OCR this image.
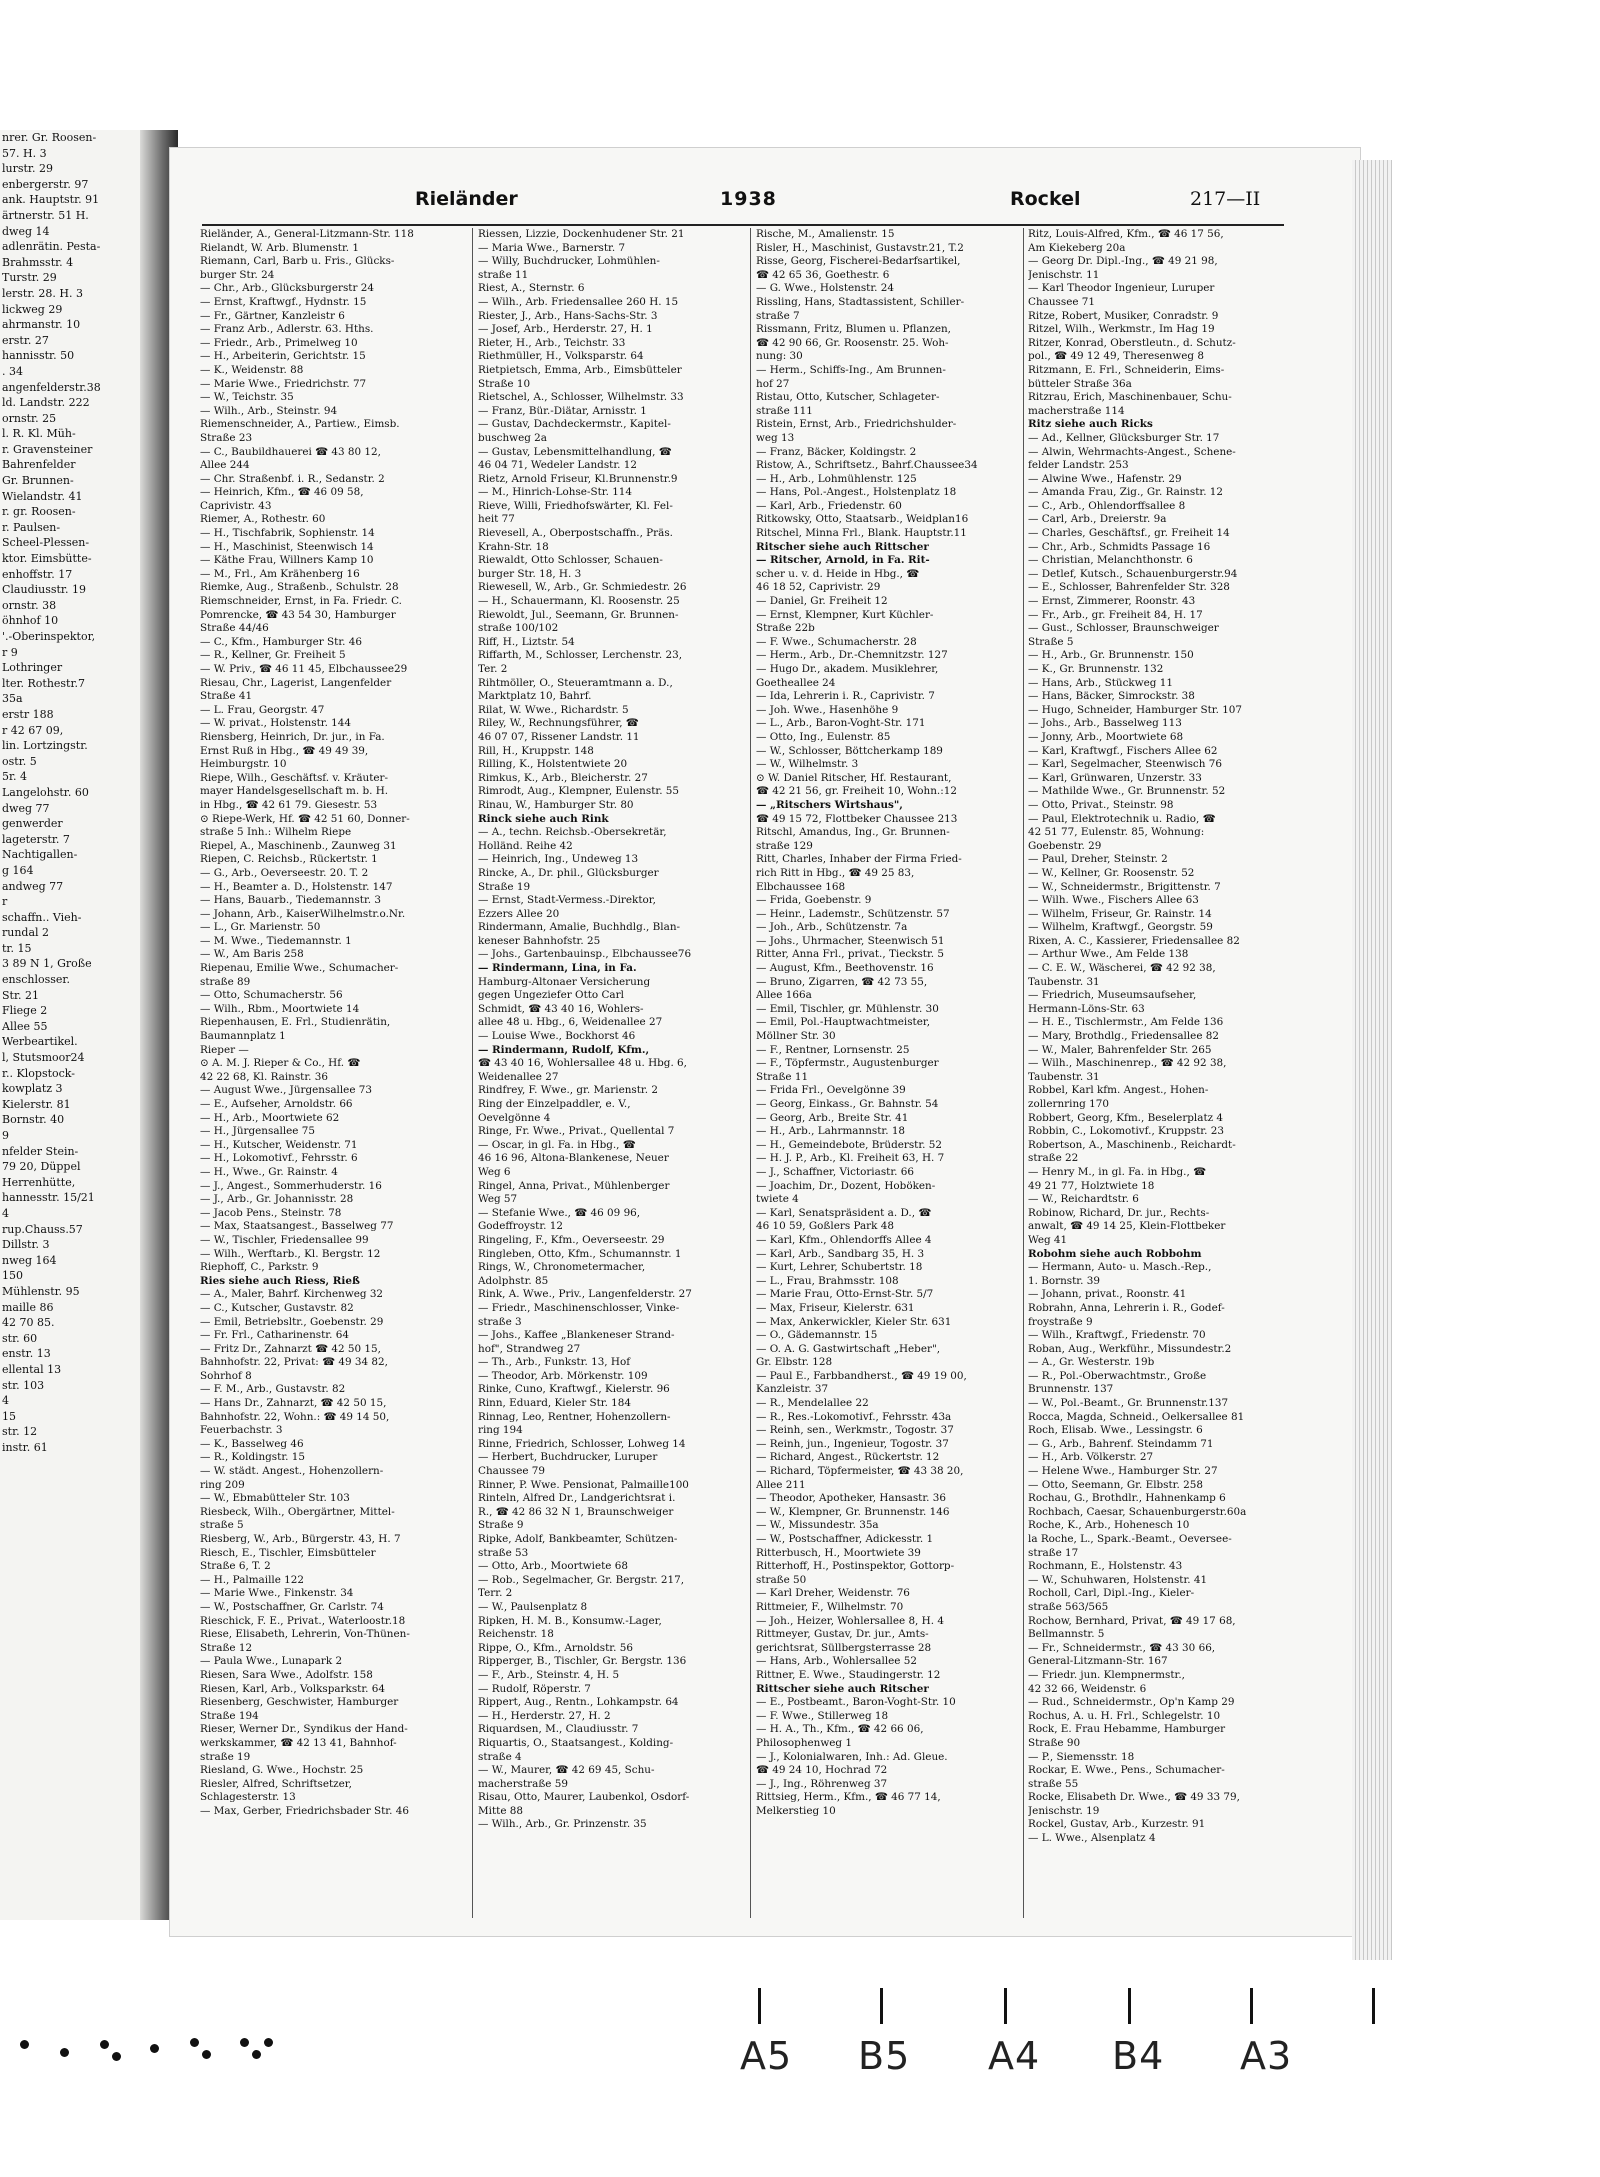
nrer. Gr. Roosen-
57. H. 3
lurstr. 29
enbergerstr. 97
ank. Hauptstr. 91
ärtnerstr. 51 H.
dweg 14
adlenrätin. Pesta-
Brahmsstr. 4
Turstr. 29
lerstr. 28. H. 3
lickweg 29
ahrmanstr. 10
erstr. 27
hannisstr. 50
. 34
angenfelderstr.38
ld. Landstr. 222
ornstr. 25
l. R. Kl. Müh-
r. Gravensteiner
Bahrenfelder
Gr. Brunnen-
Wielandstr. 41
r. gr. Roosen-
r. Paulsen-
Scheel-Plessen-
ktor. Eimsbütte-
enhoffstr. 17
Claudiusstr. 19
ornstr. 38
öhnhof 10
'.-Oberinspektor,
r 9
Lothringer
lter. Rothestr.7
35a
erstr 188
r 42 67 09,
lin. Lortzingstr.
ostr. 5
5r. 4
Langelohstr. 60
dweg 77
genwerder
lageterstr. 7
Nachtigallen-
g 164
andweg 77
r
schaffn.. Vieh-
rundal 2
tr. 15
3 89 N 1, Große
enschlosser.
Str. 21
Fliege 2
Allee 55
Werbeartikel.
l, Stutsmoor24
r.. Klopstock-
kowplatz 3
Kielerstr. 81
Bornstr. 40
9
nfelder Stein-
79 20, Düppel
Herrenhütte,
hannesstr. 15/21
4
rup.Chauss.57
Dillstr. 3
nweg 164
150
Mühlenstr. 95
maille 86
42 70 85.
str. 60
enstr. 13
ellental 13
str. 103
4
15
str. 12
instr. 61
Rieländer	1938	Rockel	217—II
Rieländer, A., General-Litzmann-Str. 118
Rielandt, W. Arb. Blumenstr. 1
Riemann, Carl, Barb u. Fris., Glücks-
burger Str. 24
— Chr., Arb., Glücksburgerstr 24
— Ernst, Kraftwgf., Hydnstr. 15
— Fr., Gärtner, Kanzleistr 6
— Franz Arb., Adlerstr. 63. Hths.
— Friedr., Arb., Primelweg 10
— H., Arbeiterin, Gerichtstr. 15
— K., Weidenstr. 88
— Marie Wwe., Friedrichstr. 77
— W., Teichstr. 35
— Wilh., Arb., Steinstr. 94
Riemenschneider, A., Partiew., Eimsb.
Straße 23
— C., Baubildhauerei ☎ 43 80 12,
Allee 244
— Chr. Straßenbf. i. R., Sedanstr. 2
— Heinrich, Kfm., ☎ 46 09 58,
Caprivistr. 43
Riemer, A., Rothestr. 60
— H., Tischfabrik, Sophienstr. 14
— H., Maschinist, Steenwisch 14
— Käthe Frau, Willners Kamp 10
— M., Frl., Am Krähenberg 16
Riemke, Aug., Straßenb., Schulstr. 28
Riemschneider, Ernst, in Fa. Friedr. C.
Pomrencke, ☎ 43 54 30, Hamburger
Straße 44/46
— C., Kfm., Hamburger Str. 46
— R., Kellner, Gr. Freiheit 5
— W. Priv., ☎ 46 11 45, Elbchaussee29
Riesau, Chr., Lagerist, Langenfelder
Straße 41
— L. Frau, Georgstr. 47
— W. privat., Holstenstr. 144
Riensberg, Heinrich, Dr. jur., in Fa.
Ernst Ruß in Hbg., ☎ 49 49 39,
Heimburgstr. 10
Riepe, Wilh., Geschäftsf. v. Kräuter-
mayer Handelsgesellschaft m. b. H.
in Hbg., ☎ 42 61 79. Giesestr. 53
⊙ Riepe-Werk, Hf. ☎ 42 51 60, Donner-
straße 5 Inh.: Wilhelm Riepe
Riepel, A., Maschinenb., Zaunweg 31
Riepen, C. Reichsb., Rückertstr. 1
— G., Arb., Oeverseestr. 20. T. 2
— H., Beamter a. D., Holstenstr. 147
— Hans, Bauarb., Tiedemannstr. 3
— Johann, Arb., KaiserWilhelmstr.o.Nr.
— L., Gr. Marienstr. 50
— M. Wwe., Tiedemannstr. 1
— W., Am Baris 258
Riepenau, Emilie Wwe., Schumacher-
straße 89
— Otto, Schumacherstr. 56
— Wilh., Rbm., Moortwiete 14
Riepenhausen, E. Frl., Studienrätin,
Baumannplatz 1
Rieper —
⊙ A. M. J. Rieper & Co., Hf. ☎
42 22 68, Kl. Rainstr. 36
— August Wwe., Jürgensallee 73
— E., Aufseher, Arnoldstr. 66
— H., Arb., Moortwiete 62
— H., Jürgensallee 75
— H., Kutscher, Weidenstr. 71
— H., Lokomotivf., Fehrsstr. 6
— H., Wwe., Gr. Rainstr. 4
— J., Angest., Sommerhuderstr. 16
— J., Arb., Gr. Johannisstr. 28
— Jacob Pens., Steinstr. 78
— Max, Staatsangest., Basselweg 77
— W., Tischler, Friedensallee 99
— Wilh., Werftarb., Kl. Bergstr. 12
Riephoff, C., Parkstr. 9
Ries siehe auch Riess, Rieß
— A., Maler, Bahrf. Kirchenweg 32
— C., Kutscher, Gustavstr. 82
— Emil, Betriebsltr., Goebenstr. 29
— Fr. Frl., Catharinenstr. 64
— Fritz Dr., Zahnarzt ☎ 42 50 15,
Bahnhofstr. 22, Privat: ☎ 49 34 82,
Sohrhof 8
— F. M., Arb., Gustavstr. 82
— Hans Dr., Zahnarzt, ☎ 42 50 15,
Bahnhofstr. 22, Wohn.: ☎ 49 14 50,
Feuerbachstr. 3
— K., Basselweg 46
— R., Koldingstr. 15
— W. städt. Angest., Hohenzollern-
ring 209
— W., Ebmabütteler Str. 103
Riesbeck, Wilh., Obergärtner, Mittel-
straße 5
Riesberg, W., Arb., Bürgerstr. 43, H. 7
Riesch, E., Tischler, Eimsbütteler
Straße 6, T. 2
— H., Palmaille 122
— Marie Wwe., Finkenstr. 34
— W., Postschaffner, Gr. Carlstr. 74
Rieschick, F. E., Privat., Waterloostr.18
Riese, Elisabeth, Lehrerin, Von-Thünen-
Straße 12
— Paula Wwe., Lunapark 2
Riesen, Sara Wwe., Adolfstr. 158
Riesen, Karl, Arb., Volksparkstr. 64
Riesenberg, Geschwister, Hamburger
Straße 194
Rieser, Werner Dr., Syndikus der Hand-
werkskammer, ☎ 42 13 41, Bahnhof-
straße 19
Riesland, G. Wwe., Hochstr. 25
Riesler, Alfred, Schriftsetzer,
Schlagesterstr. 13
— Max, Gerber, Friedrichsbader Str. 46
Riessen, Lizzie, Dockenhudener Str. 21
— Maria Wwe., Barnerstr. 7
— Willy, Buchdrucker, Lohmühlen-
straße 11
Riest, A., Sternstr. 6
— Wilh., Arb. Friedensallee 260 H. 15
Riester, J., Arb., Hans-Sachs-Str. 3
— Josef, Arb., Herderstr. 27, H. 1
Rieter, H., Arb., Teichstr. 33
Riethmüller, H., Volksparstr. 64
Rietpietsch, Emma, Arb., Eimsbütteler
Straße 10
Rietschel, A., Schlosser, Wilhelmstr. 33
— Franz, Bür.-Diätar, Arnisstr. 1
— Gustav, Dachdeckermstr., Kapitel-
buschweg 2a
— Gustav, Lebensmittelhandlung, ☎
46 04 71, Wedeler Landstr. 12
Rietz, Arnold Friseur, Kl.Brunnenstr.9
— M., Hinrich-Lohse-Str. 114
Rieve, Willi, Friedhofswärter, Kl. Fel-
heit 77
Rievesell, A., Oberpostschaffn., Präs.
Krahn-Str. 18
Riewaldt, Otto Schlosser, Schauen-
burger Str. 18, H. 3
Riewesell, W., Arb., Gr. Schmiedestr. 26
— H., Schauermann, Kl. Roosenstr. 25
Riewoldt, Jul., Seemann, Gr. Brunnen-
straße 100/102
Riff, H., Liztstr. 54
Riffarth, M., Schlosser, Lerchenstr. 23,
Ter. 2
Rihtmöller, O., Steueramtmann a. D.,
Marktplatz 10, Bahrf.
Rilat, W. Wwe., Richardstr. 5
Riley, W., Rechnungsführer, ☎
46 07 07, Rissener Landstr. 11
Rill, H., Kruppstr. 148
Rilling, K., Holstentwiete 20
Rimkus, K., Arb., Bleicherstr. 27
Rimrodt, Aug., Klempner, Eulenstr. 55
Rinau, W., Hamburger Str. 80
Rinck siehe auch Rink
— A., techn. Reichsb.-Obersekretär,
Holländ. Reihe 42
— Heinrich, Ing., Undeweg 13
Rincke, A., Dr. phil., Glücksburger
Straße 19
— Ernst, Stadt-Vermess.-Direktor,
Ezzers Allee 20
Rindermann, Amalie, Buchhdlg., Blan-
keneser Bahnhofstr. 25
— Johs., Gartenbauinsp., Elbchaussee76
— Rindermann, Lina, in Fa.
Hamburg-Altonaer Versicherung
gegen Ungeziefer Otto Carl
Schmidt, ☎ 43 40 16, Wohlers-
allee 48 u. Hbg., 6, Weidenallee 27
— Louise Wwe., Bockhorst 46
— Rindermann, Rudolf, Kfm.,
☎ 43 40 16, Wohlersallee 48 u. Hbg. 6,
Weidenallee 27
Rindfrey, F. Wwe., gr. Marienstr. 2
Ring der Einzelpaddler, e. V.,
Oevelgönne 4
Ringe, Fr. Wwe., Privat., Quellental 7
— Oscar, in gl. Fa. in Hbg., ☎
46 16 96, Altona-Blankenese, Neuer
Weg 6
Ringel, Anna, Privat., Mühlenberger
Weg 57
— Stefanie Wwe., ☎ 46 09 96,
Godeffroystr. 12
Ringeling, F., Kfm., Oeverseestr. 29
Ringleben, Otto, Kfm., Schumannstr. 1
Rings, W., Chronometermacher,
Adolphstr. 85
Rink, A. Wwe., Priv., Langenfelderstr. 27
— Friedr., Maschinenschlosser, Vinke-
straße 3
— Johs., Kaffee „Blankeneser Strand-
hof", Strandweg 27
— Th., Arb., Funkstr. 13, Hof
— Theodor, Arb. Mörkenstr. 109
Rinke, Cuno, Kraftwgf., Kielerstr. 96
Rinn, Eduard, Kieler Str. 184
Rinnag, Leo, Rentner, Hohenzollern-
ring 194
Rinne, Friedrich, Schlosser, Lohweg 14
— Herbert, Buchdrucker, Luruper
Chaussee 79
Rinner, P. Wwe. Pensionat, Palmaille100
Rinteln, Alfred Dr., Landgerichtsrat i.
R., ☎ 42 86 32 N 1, Braunschweiger
Straße 9
Ripke, Adolf, Bankbeamter, Schützen-
straße 53
— Otto, Arb., Moortwiete 68
— Rob., Segelmacher, Gr. Bergstr. 217,
Terr. 2
— W., Paulsenplatz 8
Ripken, H. M. B., Konsumw.-Lager,
Reichenstr. 18
Rippe, O., Kfm., Arnoldstr. 56
Ripperger, B., Tischler, Gr. Bergstr. 136
— F., Arb., Steinstr. 4, H. 5
— Rudolf, Röperstr. 7
Rippert, Aug., Rentn., Lohkampstr. 64
— H., Herderstr. 27, H. 2
Riquardsen, M., Claudiusstr. 7
Riquartis, O., Staatsangest., Kolding-
straße 4
— W., Maurer, ☎ 42 69 45, Schu-
macherstraße 59
Risau, Otto, Maurer, Laubenkol, Osdorf-
Mitte 88
— Wilh., Arb., Gr. Prinzenstr. 35
Rische, M., Amalienstr. 15
Risler, H., Maschinist, Gustavstr.21, T.2
Risse, Georg, Fischerei-Bedarfsartikel,
☎ 42 65 36, Goethestr. 6
— G. Wwe., Holstenstr. 24
Rissling, Hans, Stadtassistent, Schiller-
straße 7
Rissmann, Fritz, Blumen u. Pflanzen,
☎ 42 90 66, Gr. Roosenstr. 25. Woh-
nung: 30
— Herm., Schiffs-Ing., Am Brunnen-
hof 27
Ristau, Otto, Kutscher, Schlageter-
straße 111
Ristein, Ernst, Arb., Friedrichshulder-
weg 13
— Franz, Bäcker, Koldingstr. 2
Ristow, A., Schriftsetz., Bahrf.Chaussee34
— H., Arb., Lohmühlenstr. 125
— Hans, Pol.-Angest., Holstenplatz 18
— Karl, Arb., Friedenstr. 60
Ritkowsky, Otto, Staatsarb., Weidplan16
Ritschel, Minna Frl., Blank. Hauptstr.11
Ritscher siehe auch Rittscher
— Ritscher, Arnold, in Fa. Rit-
scher u. v. d. Heide in Hbg., ☎
46 18 52, Caprivistr. 29
— Daniel, Gr. Freiheit 12
— Ernst, Klempner, Kurt Küchler-
Straße 22b
— F. Wwe., Schumacherstr. 28
— Herm., Arb., Dr.-Chemnitzstr. 127
— Hugo Dr., akadem. Musiklehrer,
Goetheallee 24
— Ida, Lehrerin i. R., Caprivistr. 7
— Joh. Wwe., Hasenhöhe 9
— L., Arb., Baron-Voght-Str. 171
— Otto, Ing., Eulenstr. 85
— W., Schlosser, Böttcherkamp 189
— W., Wilhelmstr. 3
⊙ W. Daniel Ritscher, Hf. Restaurant,
☎ 42 21 56, gr. Freiheit 10, Wohn.:12
— „Ritschers Wirtshaus",
☎ 49 15 72, Flottbeker Chaussee 213
Ritschl, Amandus, Ing., Gr. Brunnen-
straße 129
Ritt, Charles, Inhaber der Firma Fried-
rich Ritt in Hbg., ☎ 49 25 83,
Elbchaussee 168
— Frida, Goebenstr. 9
— Heinr., Lademstr., Schützenstr. 57
— Joh., Arb., Schützenstr. 7a
— Johs., Uhrmacher, Steenwisch 51
Ritter, Anna Frl., privat., Tieckstr. 5
— August, Kfm., Beethovenstr. 16
— Bruno, Zigarren, ☎ 42 73 55,
Allee 166a
— Emil, Tischler, gr. Mühlenstr. 30
— Emil, Pol.-Hauptwachtmeister,
Möllner Str. 30
— F., Rentner, Lornsenstr. 25
— F., Töpfermstr., Augustenburger
Straße 11
— Frida Frl., Oevelgönne 39
— Georg, Einkass., Gr. Bahnstr. 54
— Georg, Arb., Breite Str. 41
— H., Arb., Lahrmannstr. 18
— H., Gemeindebote, Brüderstr. 52
— H. J. P., Arb., Kl. Freiheit 63, H. 7
— J., Schaffner, Victoriastr. 66
— Joachim, Dr., Dozent, Hoböken-
twiete 4
— Karl, Senatspräsident a. D., ☎
46 10 59, Goßlers Park 48
— Karl, Kfm., Ohlendorffs Allee 4
— Karl, Arb., Sandbarg 35, H. 3
— Kurt, Lehrer, Schubertstr. 18
— L., Frau, Brahmsstr. 108
— Marie Frau, Otto-Ernst-Str. 5/7
— Max, Friseur, Kielerstr. 631
— Max, Ankerwickler, Kieler Str. 631
— O., Gädemannstr. 15
— O. A. G. Gastwirtschaft „Heber",
Gr. Elbstr. 128
— Paul E., Farbbandherst., ☎ 49 19 00,
Kanzleistr. 37
— R., Mendelallee 22
— R., Res.-Lokomotivf., Fehrsstr. 43a
— Reinh, sen., Werkmstr., Togostr. 37
— Reinh, jun., Ingenieur, Togostr. 37
— Richard, Angest., Rückertstr. 12
— Richard, Töpfermeister, ☎ 43 38 20,
Allee 211
— Theodor, Apotheker, Hansastr. 36
— W., Klempner, Gr. Brunnenstr. 146
— W., Missundestr. 35a
— W., Postschaffner, Adickesstr. 1
Ritterbusch, H., Moortwiete 39
Ritterhoff, H., Postinspektor, Gottorp-
straße 50
— Karl Dreher, Weidenstr. 76
Rittmeier, F., Wilhelmstr. 70
— Joh., Heizer, Wohlersallee 8, H. 4
Rittmeyer, Gustav, Dr. jur., Amts-
gerichtsrat, Süllbergsterrasse 28
— Hans, Arb., Wohlersallee 52
Rittner, E. Wwe., Staudingerstr. 12
Rittscher siehe auch Ritscher
— E., Postbeamt., Baron-Voght-Str. 10
— F. Wwe., Stillerweg 18
— H. A., Th., Kfm., ☎ 42 66 06,
Philosophenweg 1
— J., Kolonialwaren, Inh.: Ad. Gleue.
☎ 49 24 10, Hochrad 72
— J., Ing., Röhrenweg 37
Rittsieg, Herm., Kfm., ☎ 46 77 14,
Melkerstieg 10
Ritz, Louis-Alfred, Kfm., ☎ 46 17 56,
Am Kiekeberg 20a
— Georg Dr. Dipl.-Ing., ☎ 49 21 98,
Jenischstr. 11
— Karl Theodor Ingenieur, Luruper
Chaussee 71
Ritze, Robert, Musiker, Conradstr. 9
Ritzel, Wilh., Werkmstr., Im Hag 19
Ritzer, Konrad, Oberstleutn., d. Schutz-
pol., ☎ 49 12 49, Theresenweg 8
Ritzmann, E. Frl., Schneiderin, Eims-
bütteler Straße 36a
Ritzrau, Erich, Maschinenbauer, Schu-
macherstraße 114
Ritz siehe auch Ricks
— Ad., Kellner, Glücksburger Str. 17
— Alwin, Wehrmachts-Angest., Schene-
felder Landstr. 253
— Alwine Wwe., Hafenstr. 29
— Amanda Frau, Zig., Gr. Rainstr. 12
— C., Arb., Ohlendorffsallee 8
— Carl, Arb., Dreierstr. 9a
— Charles, Geschäftsf., gr. Freiheit 14
— Chr., Arb., Schmidts Passage 16
— Christian, Melanchthonstr. 6
— Detlef, Kutsch., Schauenburgerstr.94
— E., Schlosser, Bahrenfelder Str. 328
— Ernst, Zimmerer, Roonstr. 43
— Fr., Arb., gr. Freiheit 84, H. 17
— Gust., Schlosser, Braunschweiger
Straße 5
— H., Arb., Gr. Brunnenstr. 150
— K., Gr. Brunnenstr. 132
— Hans, Arb., Stückweg 11
— Hans, Bäcker, Simrockstr. 38
— Hugo, Schneider, Hamburger Str. 107
— Johs., Arb., Basselweg 113
— Jonny, Arb., Moortwiete 68
— Karl, Kraftwgf., Fischers Allee 62
— Karl, Segelmacher, Steenwisch 76
— Karl, Grünwaren, Unzerstr. 33
— Mathilde Wwe., Gr. Brunnenstr. 52
— Otto, Privat., Steinstr. 98
— Paul, Elektrotechnik u. Radio, ☎
42 51 77, Eulenstr. 85, Wohnung:
Goebenstr. 29
— Paul, Dreher, Steinstr. 2
— W., Kellner, Gr. Roosenstr. 52
— W., Schneidermstr., Brigittenstr. 7
— Wilh. Wwe., Fischers Allee 63
— Wilhelm, Friseur, Gr. Rainstr. 14
— Wilhelm, Kraftwgf., Georgstr. 59
Rixen, A. C., Kassierer, Friedensallee 82
— Arthur Wwe., Am Felde 138
— C. E. W., Wäscherei, ☎ 42 92 38,
Taubenstr. 31
— Friedrich, Museumsaufseher,
Hermann-Löns-Str. 63
— H. E., Tischlermstr., Am Felde 136
— Mary, Brothdlg., Friedensallee 82
— W., Maler, Bahrenfelder Str. 265
— Wilh., Maschinenrep., ☎ 42 92 38,
Taubenstr. 31
Robbel, Karl kfm. Angest., Hohen-
zollernring 170
Robbert, Georg, Kfm., Beselerplatz 4
Robbin, C., Lokomotivf., Kruppstr. 23
Robertson, A., Maschinenb., Reichardt-
straße 22
— Henry M., in gl. Fa. in Hbg., ☎
49 21 77, Holztwiete 18
— W., Reichardtstr. 6
Robinow, Richard, Dr. jur., Rechts-
anwalt, ☎ 49 14 25, Klein-Flottbeker
Weg 41
Robohm siehe auch Robbohm
— Hermann, Auto- u. Masch.-Rep.,
1. Bornstr. 39
— Johann, privat., Roonstr. 41
Robrahn, Anna, Lehrerin i. R., Godef-
froystraße 9
— Wilh., Kraftwgf., Friedenstr. 70
Roban, Aug., Werkführ., Missundestr.2
— A., Gr. Westerstr. 19b
— R., Pol.-Oberwachtmstr., Große
Brunnenstr. 137
— W., Pol.-Beamt., Gr. Brunnenstr.137
Rocca, Magda, Schneid., Oelkersallee 81
Roch, Elisab. Wwe., Lessingstr. 6
— G., Arb., Bahrenf. Steindamm 71
— H., Arb. Völkerstr. 27
— Helene Wwe., Hamburger Str. 27
— Otto, Seemann, Gr. Elbstr. 258
Rochau, G., Brothdlr., Hahnenkamp 6
Rochbach, Caesar, Schauenburgerstr.60a
Roche, K., Arb., Hohenesch 10
la Roche, L., Spark.-Beamt., Oeversee-
straße 17
Rochmann, E., Holstenstr. 43
— W., Schuhwaren, Holstenstr. 41
Rocholl, Carl, Dipl.-Ing., Kieler-
straße 563/565
Rochow, Bernhard, Privat, ☎ 49 17 68,
Bellmannstr. 5
— Fr., Schneidermstr., ☎ 43 30 66,
General-Litzmann-Str. 167
— Friedr. jun. Klempnermstr.,
42 32 66, Weidenstr. 6
— Rud., Schneidermstr., Op'n Kamp 29
Rochus, A. u. H. Frl., Schlegelstr. 10
Rock, E. Frau Hebamme, Hamburger
Straße 90
— P., Siemensstr. 18
Rockar, E. Wwe., Pens., Schumacher-
straße 55
Rocke, Elisabeth Dr. Wwe., ☎ 49 33 79,
Jenischstr. 19
Rockel, Gustav, Arb., Kurzestr. 91
— L. Wwe., Alsenplatz 4
A5 B5 A4 B4 A3
